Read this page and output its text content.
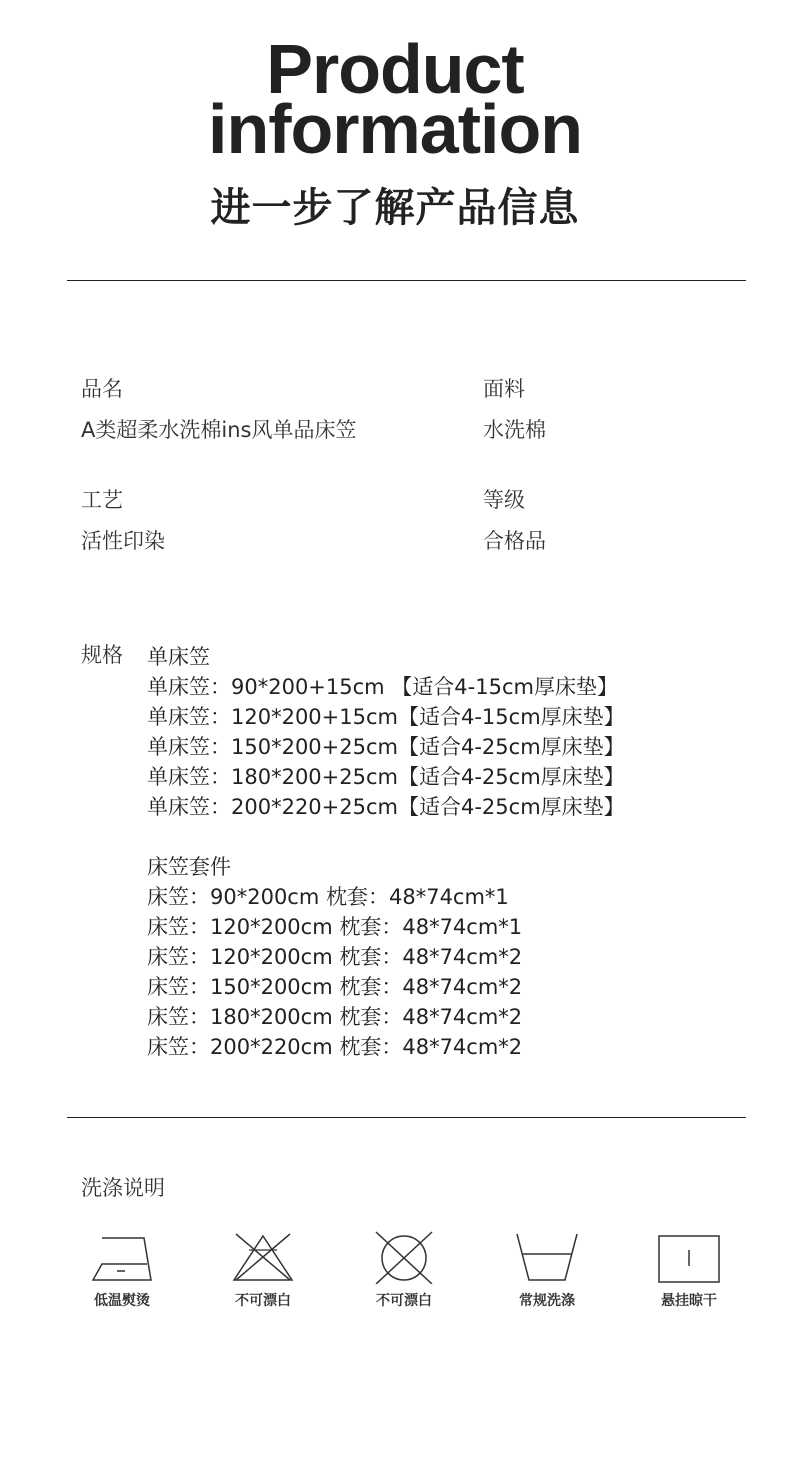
Product
information
进一步了解产品信息
品名
A类超柔水洗棉ins风单品床笠
面料
水洗棉
工艺
活性印染
等级
合格品
规格 单床笠
单床笠：90*200+15cm 【适合4-15cm厚床垫】
单床笠：120*200+15cm【适合4-15cm厚床垫】
单床笠：150*200+25cm【适合4-25cm厚床垫】
单床笠：180*200+25cm【适合4-25cm厚床垫】
单床笠：200*220+25cm【适合4-25cm厚床垫】
床笠套件
床笠：90*200cm 枕套：48*74cm*1
床笠：120*200cm 枕套：48*74cm*1
床笠：120*200cm 枕套：48*74cm*2
床笠：150*200cm 枕套：48*74cm*2
床笠：180*200cm 枕套：48*74cm*2
床笠：200*220cm 枕套：48*74cm*2
洗涤说明
低温熨烫	不可漂白	不可漂白	常规洗涤	悬挂晾干
